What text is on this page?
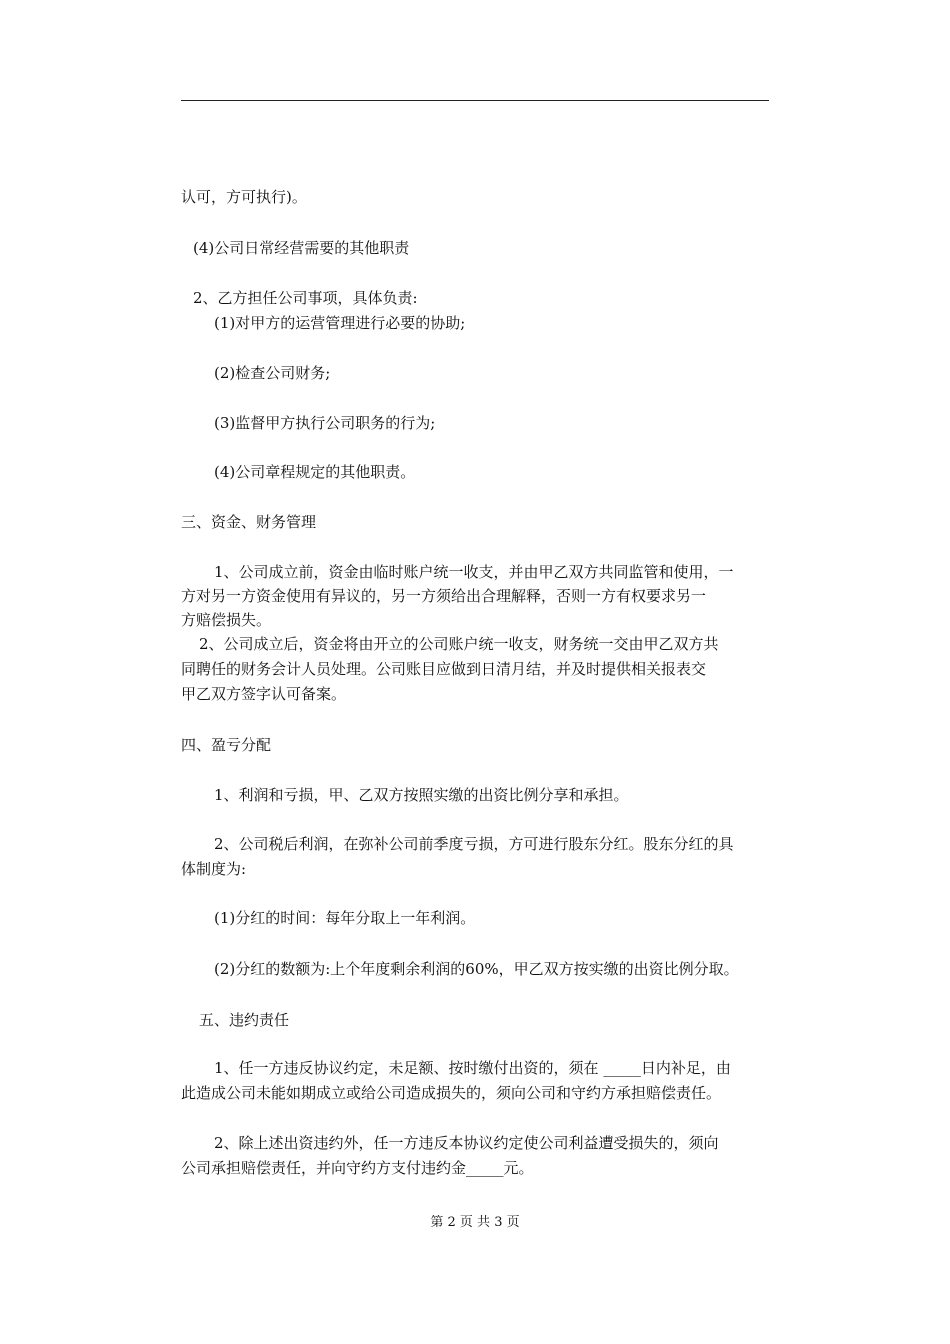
认可，方可执行)。
(4)公司日常经营需要的其他职责
2、乙方担任公司事项，具体负责:
(1)对甲方的运营管理进行必要的协助;
(2)检查公司财务;
(3)监督甲方执行公司职务的行为;
(4)公司章程规定的其他职责。
三、资金、财务管理
1、公司成立前，资金由临时账户统一收支，并由甲乙双方共同监管和使用，一
方对另一方资金使用有异议的，另一方须给出合理解释，否则一方有权要求另一
方赔偿损失。
2、公司成立后，资金将由开立的公司账户统一收支，财务统一交由甲乙双方共
同聘任的财务会计人员处理。公司账目应做到日清月结，并及时提供相关报表交
甲乙双方签字认可备案。
四、盈亏分配
1、利润和亏损，甲、乙双方按照实缴的出资比例分享和承担。
2、公司税后利润，在弥补公司前季度亏损，方可进行股东分红。股东分红的具
体制度为:
(1)分红的时间：每年分取上一年利润。
(2)分红的数额为:上个年度剩余利润的60%，甲乙双方按实缴的出资比例分取。
五、违约责任
1、任一方违反协议约定，未足额、按时缴付出资的，须在 _____日内补足，由
此造成公司未能如期成立或给公司造成损失的，须向公司和守约方承担赔偿责任。
2、除上述出资违约外，任一方违反本协议约定使公司利益遭受损失的，须向
公司承担赔偿责任，并向守约方支付违约金_____元。
第 2 页 共 3 页
